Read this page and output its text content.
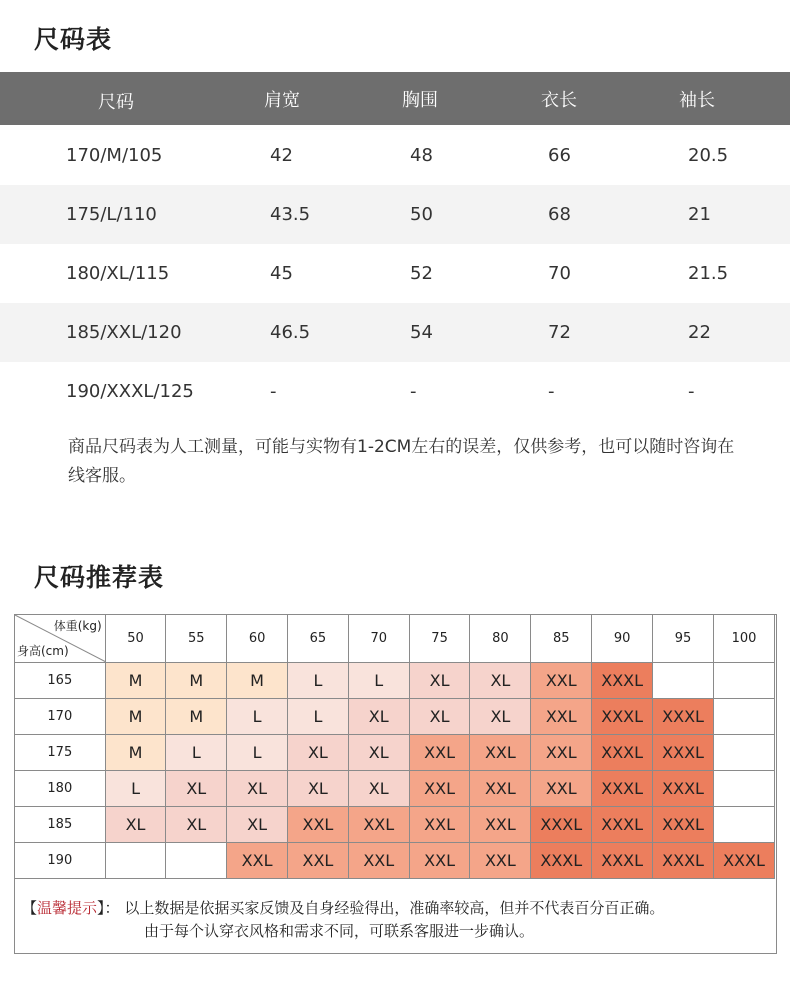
尺码表
尺码	肩宽	胸围	衣长	袖长
170/M/105	42	48	66	20.5
175/L/110	43.5	50	68	21
180/XL/115	45	52	70	21.5
185/XXL/120	46.5	54	72	22
190/XXXL/125	-	-	-	-
商品尺码表为人工测量，可能与实物有1-2CM左右的误差，仅供参考，也可以随时咨询在线客服。
尺码推荐表
体重(kg)
身高(cm)	50	55	60	65	70	75	80	85	90	95	100
165	M	M	M	L	L	XL	XL	XXL	XXXL		
170	M	M	L	L	XL	XL	XL	XXL	XXXL	XXXL	
175	M	L	L	XL	XL	XXL	XXL	XXL	XXXL	XXXL	
180	L	XL	XL	XL	XL	XXL	XXL	XXL	XXXL	XXXL	
185	XL	XL	XL	XXL	XXL	XXL	XXL	XXXL	XXXL	XXXL	
190			XXL	XXL	XXL	XXL	XXL	XXXL	XXXL	XXXL	XXXL
【温馨提示】： 以上数据是依据买家反馈及自身经验得出，准确率较高，但并不代表百分百正确。
由于每个认穿衣风格和需求不同，可联系客服进一步确认。
